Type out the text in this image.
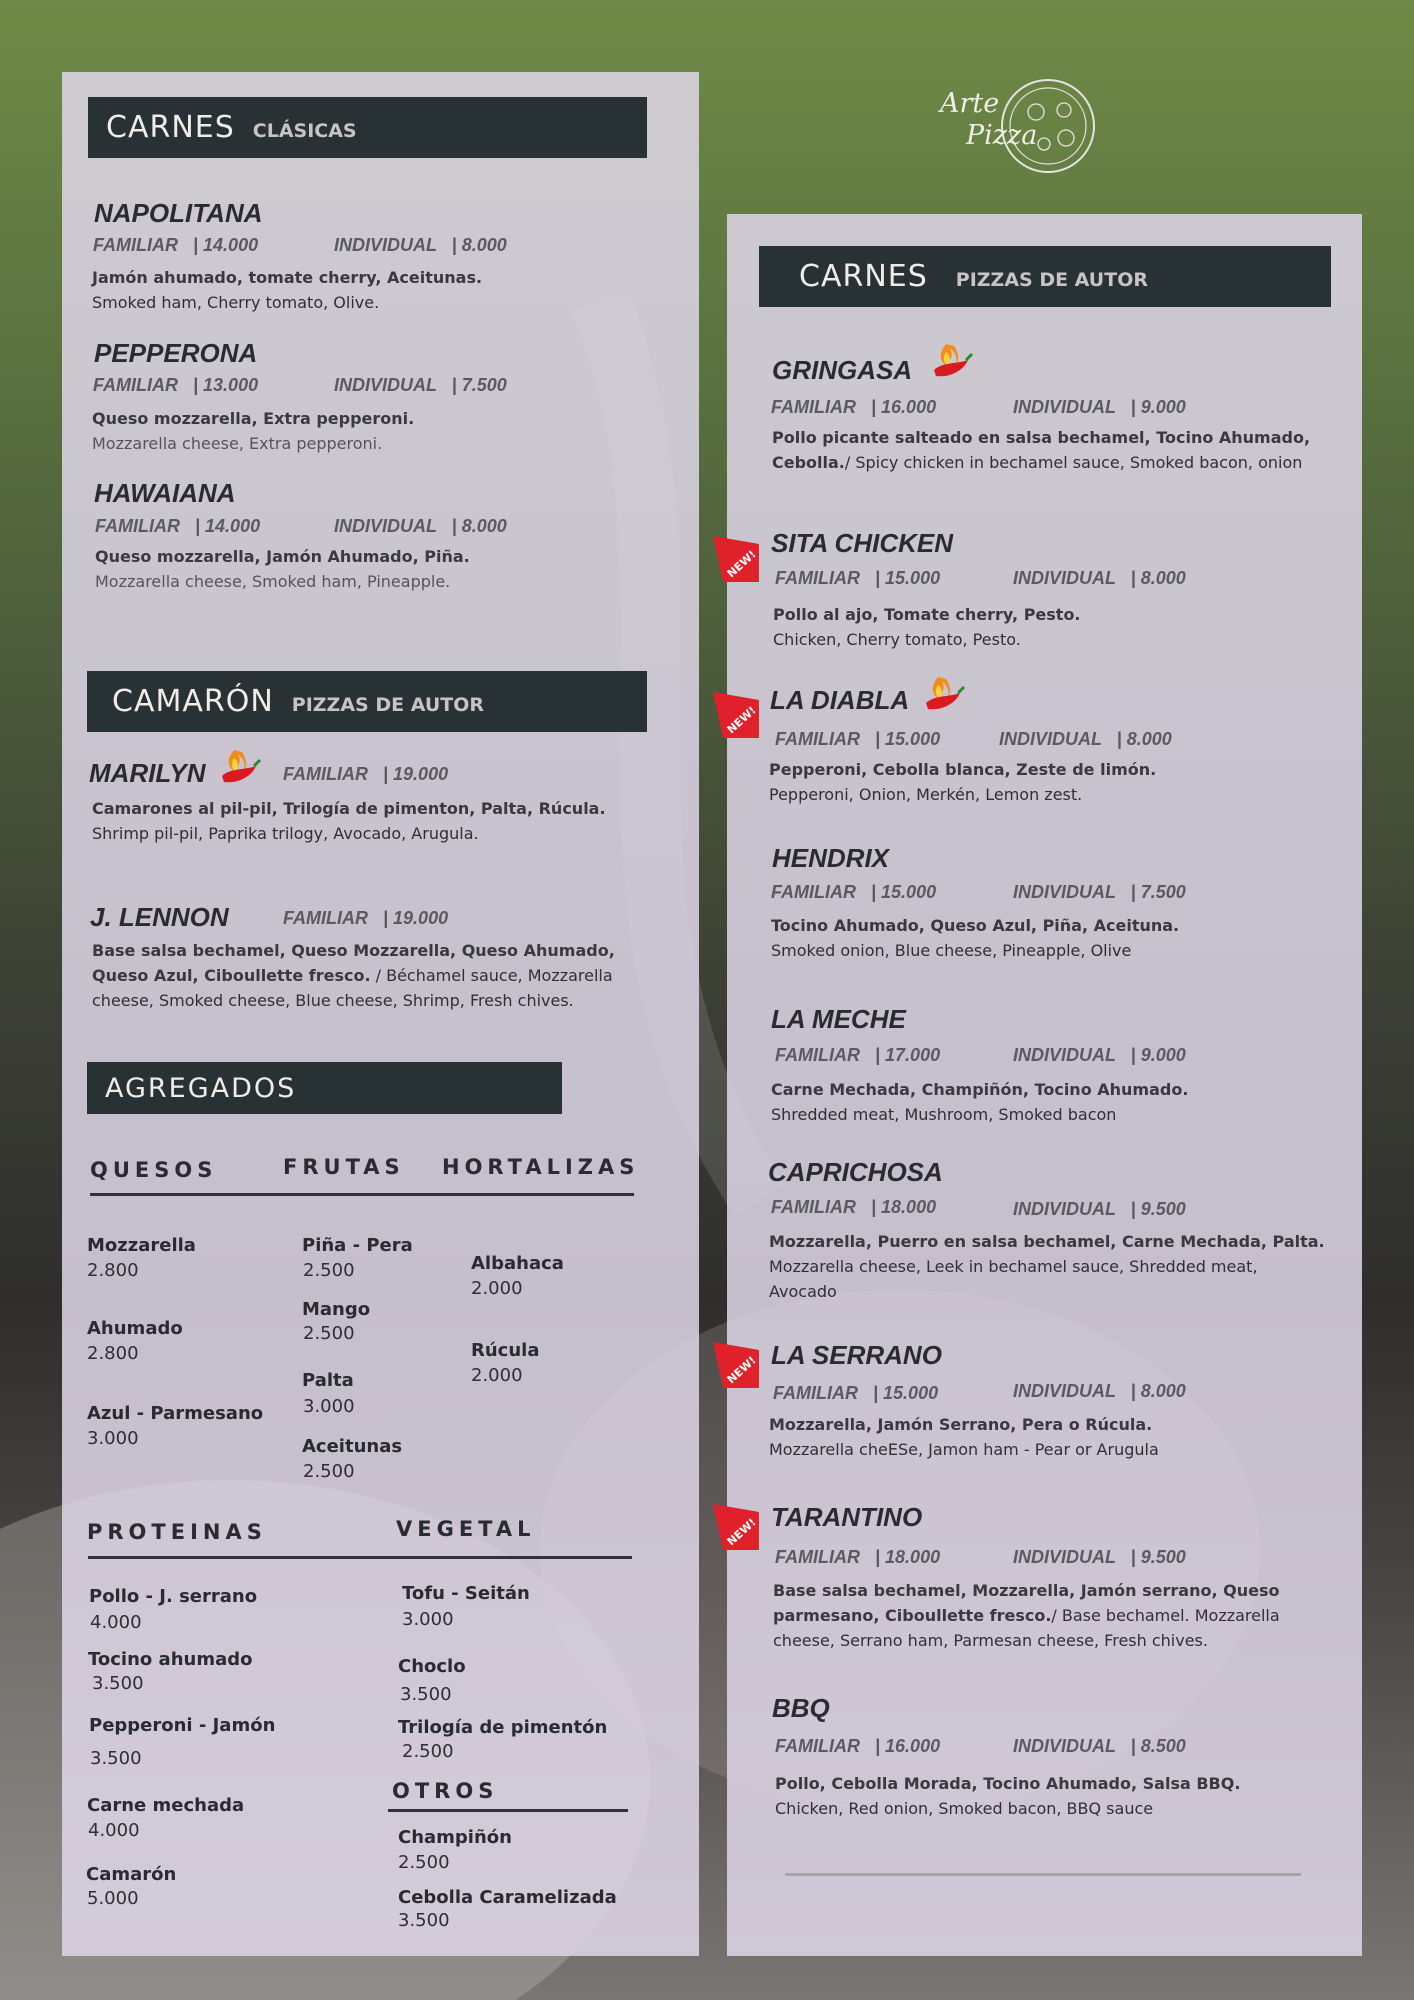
Arte
Pizza
CARNES CLÁSICAS
NAPOLITANA
FAMILIAR   | 14.000	INDIVIDUAL   | 8.000
Jamón ahumado, tomate cherry, Aceitunas.
Smoked ham, Cherry tomato, Olive.
PEPPERONA
FAMILIAR   | 13.000	INDIVIDUAL   | 7.500
Queso mozzarella, Extra pepperoni.
Mozzarella cheese, Extra pepperoni.
HAWAIANA
FAMILIAR   | 14.000	INDIVIDUAL   | 8.000
Queso mozzarella, Jamón Ahumado, Piña.
Mozzarella cheese, Smoked ham, Pineapple.
CAMARÓN PIZZAS DE AUTOR
MARILYN	FAMILIAR   | 19.000
Camarones al pil-pil, Trilogía de pimenton, Palta, Rúcula.
Shrimp pil-pil, Paprika trilogy, Avocado, Arugula.
J. LENNON	FAMILIAR   | 19.000
Base salsa bechamel, Queso Mozzarella, Queso Ahumado, Queso Azul, Ciboullette fresco. / Béchamel sauce, Mozzarella cheese, Smoked cheese, Blue cheese, Shrimp, Fresh chives.
AGREGADOS
QUESOS	FRUTAS HORTALIZAS
Mozzarella
2.800
Ahumado
2.800
Azul - Parmesano
3.000
Piña - Pera
2.500
Mango
2.500
Palta
3.000
Aceitunas
2.500
Albahaca
2.000
Rúcula
2.000
PROTEINAS	VEGETAL
Pollo - J. serrano
4.000
Tocino ahumado
3.500
Pepperoni - Jamón
3.500
Carne mechada
4.000
Camarón
5.000
Tofu - Seitán
3.000
Choclo
3.500
Trilogía de pimentón
2.500
OTROS
Champiñón
2.500
Cebolla Caramelizada
3.500
CARNES PIZZAS DE AUTOR
GRINGASA
FAMILIAR   | 16.000	INDIVIDUAL   | 9.000
Pollo picante salteado en salsa bechamel, Tocino Ahumado, Cebolla./ Spicy chicken in bechamel sauce, Smoked bacon, onion
NEW!
SITA CHICKEN
FAMILIAR   | 15.000	INDIVIDUAL   | 8.000
Pollo al ajo, Tomate cherry, Pesto.
Chicken, Cherry tomato, Pesto.
NEW!
LA DIABLA
FAMILIAR   | 15.000	INDIVIDUAL   | 8.000
Pepperoni, Cebolla blanca, Zeste de limón.
Pepperoni, Onion, Merkén, Lemon zest.
HENDRIX
FAMILIAR   | 15.000	INDIVIDUAL   | 7.500
Tocino Ahumado, Queso Azul, Piña, Aceituna.
Smoked onion, Blue cheese, Pineapple, Olive
LA MECHE
FAMILIAR   | 17.000	INDIVIDUAL   | 9.000
Carne Mechada, Champiñón, Tocino Ahumado.
Shredded meat, Mushroom, Smoked bacon
CAPRICHOSA
FAMILIAR   | 18.000	INDIVIDUAL   | 9.500
Mozzarella, Puerro en salsa bechamel, Carne Mechada, Palta.
Mozzarella cheese, Leek in bechamel sauce, Shredded meat, Avocado
NEW! LA SERRANO
FAMILIAR   | 15.000	INDIVIDUAL   | 8.000
Mozzarella, Jamón Serrano, Pera o Rúcula.
Mozzarella cheESe, Jamon ham - Pear or Arugula
NEW! TARANTINO
FAMILIAR   | 18.000	INDIVIDUAL   | 9.500
Base salsa bechamel, Mozzarella, Jamón serrano, Queso parmesano, Ciboullette fresco./ Base bechamel. Mozzarella cheese, Serrano ham, Parmesan cheese, Fresh chives.
BBQ
FAMILIAR   | 16.000	INDIVIDUAL   | 8.500
Pollo, Cebolla Morada, Tocino Ahumado, Salsa BBQ.
Chicken, Red onion, Smoked bacon, BBQ sauce
